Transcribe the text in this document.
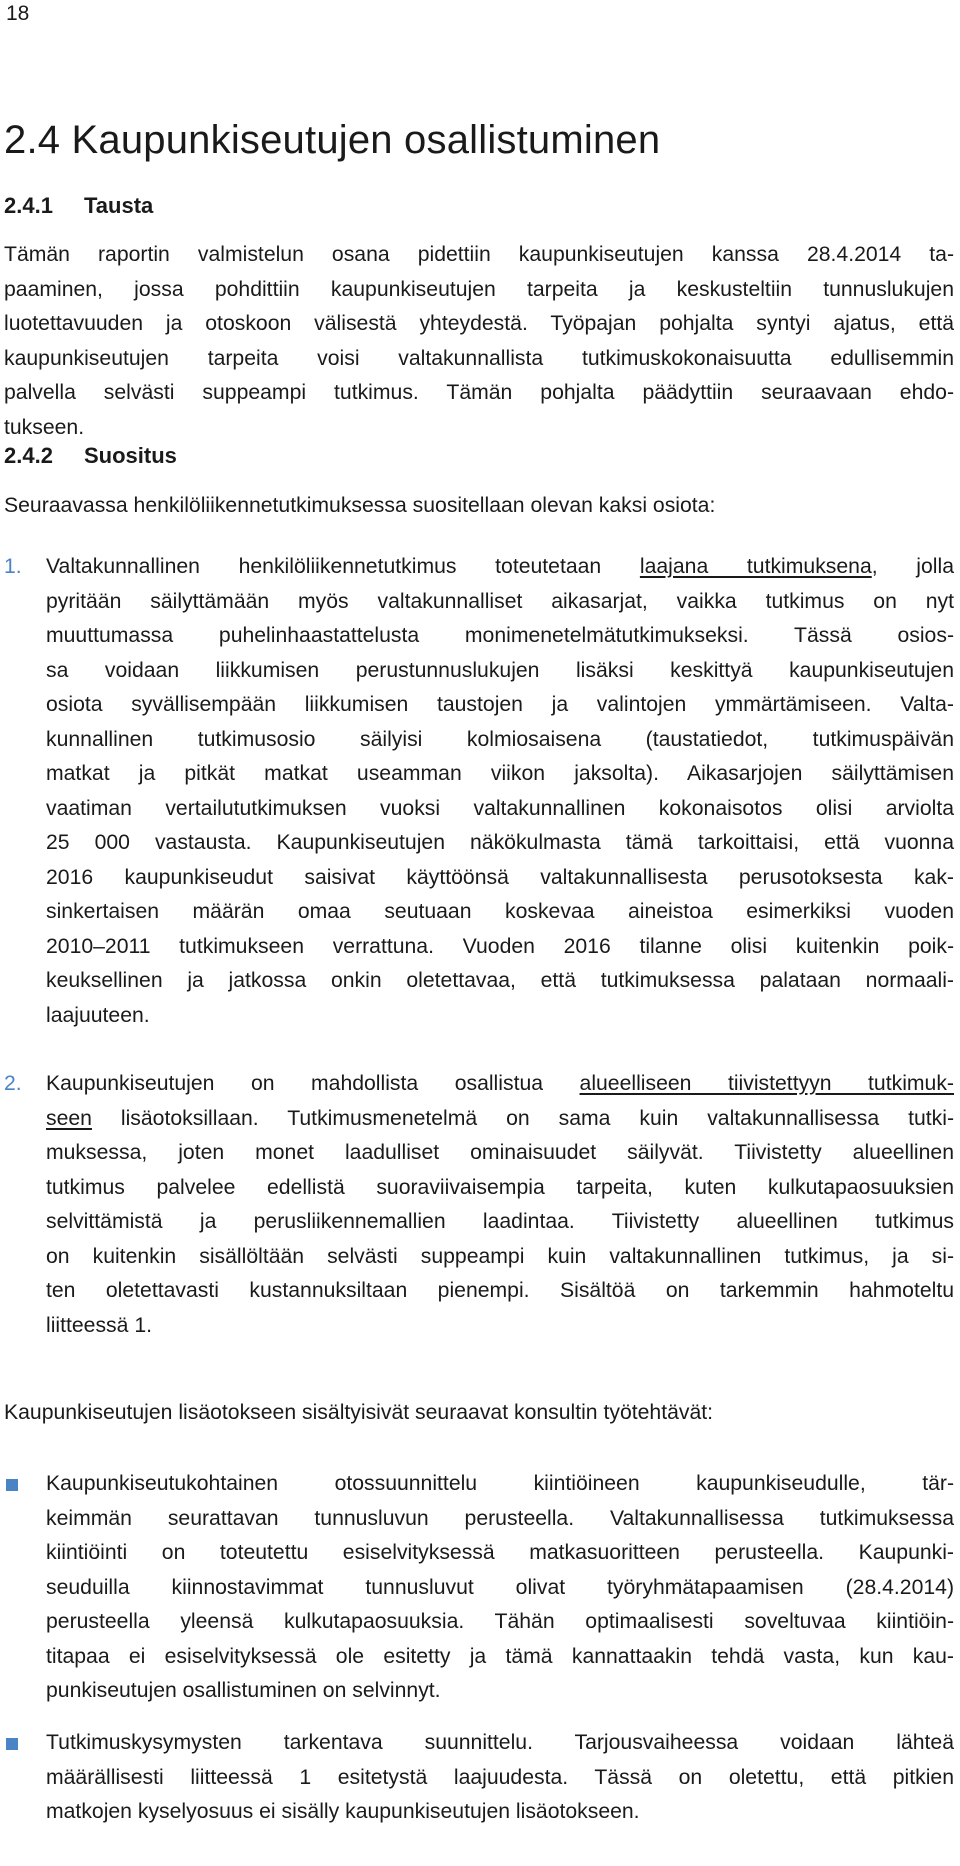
18
2.4 Kaupunkiseutujen osallistuminen
2.4.1 Tausta
Tämän raportin valmistelun osana pidettiin kaupunkiseutujen kanssa 28.4.2014 ta-
paaminen, jossa pohdittiin kaupunkiseutujen tarpeita ja keskusteltiin tunnuslukujen
luotettavuuden ja otoskoon välisestä yhteydestä. Työpajan pohjalta syntyi ajatus, että
kaupunkiseutujen tarpeita voisi valtakunnallista tutkimuskokonaisuutta edullisemmin
palvella selvästi suppeampi tutkimus. Tämän pohjalta päädyttiin seuraavaan ehdo-
tukseen.
2.4.2 Suositus
Seuraavassa henkilöliikennetutkimuksessa suositellaan olevan kaksi osiota:
1. Valtakunnallinen henkilöliikennetutkimus toteutetaan laajana tutkimuksena, jolla
pyritään säilyttämään myös valtakunnalliset aikasarjat, vaikka tutkimus on nyt
muuttumassa puhelinhaastattelusta monimenetelmätutkimukseksi. Tässä osios-
sa voidaan liikkumisen perustunnuslukujen lisäksi keskittyä kaupunkiseutujen
osiota syvällisempään liikkumisen taustojen ja valintojen ymmärtämiseen. Valta-
kunnallinen tutkimusosio säilyisi kolmiosaisena (taustatiedot, tutkimuspäivän
matkat ja pitkät matkat useamman viikon jaksolta). Aikasarjojen säilyttämisen
vaatiman vertailututkimuksen vuoksi valtakunnallinen kokonaisotos olisi arviolta
25 000 vastausta. Kaupunkiseutujen näkökulmasta tämä tarkoittaisi, että vuonna
2016 kaupunkiseudut saisivat käyttöönsä valtakunnallisesta perusotoksesta kak-
sinkertaisen määrän omaa seutuaan koskevaa aineistoa esimerkiksi vuoden
2010–2011 tutkimukseen verrattuna. Vuoden 2016 tilanne olisi kuitenkin poik-
keuksellinen ja jatkossa onkin oletettavaa, että tutkimuksessa palataan normaali-
laajuuteen.
2. Kaupunkiseutujen on mahdollista osallistua alueelliseen tiivistettyyn tutkimuk-
seen lisäotoksillaan. Tutkimusmenetelmä on sama kuin valtakunnallisessa tutki-
muksessa, joten monet laadulliset ominaisuudet säilyvät. Tiivistetty alueellinen
tutkimus palvelee edellistä suoraviivaisempia tarpeita, kuten kulkutapaosuuksien
selvittämistä ja perusliikennemallien laadintaa. Tiivistetty alueellinen tutkimus
on kuitenkin sisällöltään selvästi suppeampi kuin valtakunnallinen tutkimus, ja si-
ten oletettavasti kustannuksiltaan pienempi. Sisältöä on tarkemmin hahmoteltu
liitteessä 1.
Kaupunkiseutujen lisäotokseen sisältyisivät seuraavat konsultin työtehtävät:
Kaupunkiseutukohtainen otossuunnittelu kiintiöineen kaupunkiseudulle, tär-
keimmän seurattavan tunnusluvun perusteella. Valtakunnallisessa tutkimuksessa
kiintiöinti on toteutettu esiselvityksessä matkasuoritteen perusteella. Kaupunki-
seuduilla kiinnostavimmat tunnusluvut olivat työryhmätapaamisen (28.4.2014)
perusteella yleensä kulkutapaosuuksia. Tähän optimaalisesti soveltuvaa kiintiöin-
titapaa ei esiselvityksessä ole esitetty ja tämä kannattaakin tehdä vasta, kun kau-
punkiseutujen osallistuminen on selvinnyt.
Tutkimuskysymysten tarkentava suunnittelu. Tarjousvaiheessa voidaan lähteä
määrällisesti liitteessä 1 esitetystä laajuudesta. Tässä on oletettu, että pitkien
matkojen kyselyosuus ei sisälly kaupunkiseutujen lisäotokseen.
